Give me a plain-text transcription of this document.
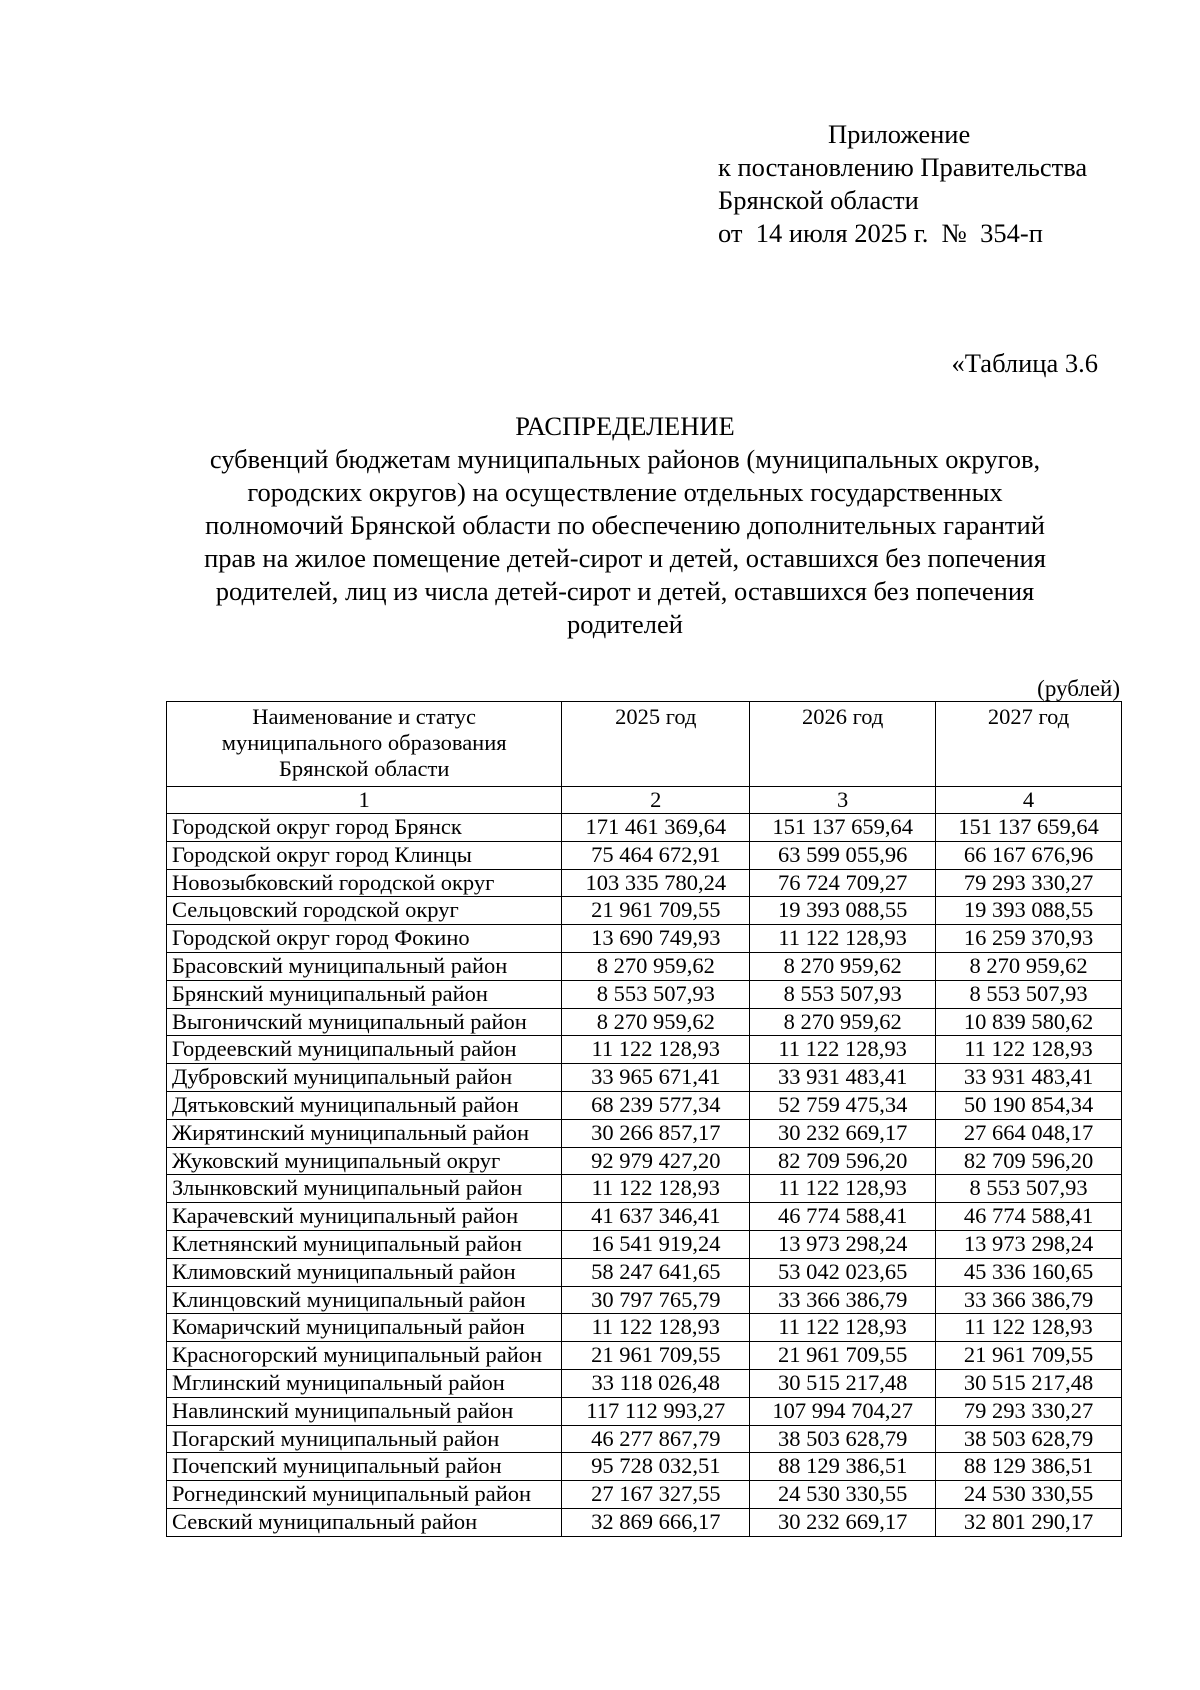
Приложение
к постановлению Правительства
Брянской области
от  14 июля 2025 г.  №  354-п
«Таблица 3.6
РАСПРЕДЕЛЕНИЕ
субвенций бюджетам муниципальных районов (муниципальных округов,
городских округов) на осуществление отдельных государственных
полномочий Брянской области по обеспечению дополнительных гарантий
прав на жилое помещение детей-сирот и детей, оставшихся без попечения
родителей, лиц из числа детей-сирот и детей, оставшихся без попечения
родителей
(рублей)
Наименование и статус
муниципального образования
Брянской области	2025 год	2026 год	2027 год
1	2	3	4
Городской округ город Брянск	171 461 369,64	151 137 659,64	151 137 659,64
Городской округ город Клинцы	75 464 672,91	63 599 055,96	66 167 676,96
Новозыбковский городской округ	103 335 780,24	76 724 709,27	79 293 330,27
Сельцовский городской округ	21 961 709,55	19 393 088,55	19 393 088,55
Городской округ город Фокино	13 690 749,93	11 122 128,93	16 259 370,93
Брасовский муниципальный район	8 270 959,62	8 270 959,62	8 270 959,62
Брянский муниципальный район	8 553 507,93	8 553 507,93	8 553 507,93
Выгоничский муниципальный район	8 270 959,62	8 270 959,62	10 839 580,62
Гордеевский муниципальный район	11 122 128,93	11 122 128,93	11 122 128,93
Дубровский муниципальный район	33 965 671,41	33 931 483,41	33 931 483,41
Дятьковский муниципальный район	68 239 577,34	52 759 475,34	50 190 854,34
Жирятинский муниципальный район	30 266 857,17	30 232 669,17	27 664 048,17
Жуковский муниципальный округ	92 979 427,20	82 709 596,20	82 709 596,20
Злынковский муниципальный район	11 122 128,93	11 122 128,93	8 553 507,93
Карачевский муниципальный район	41 637 346,41	46 774 588,41	46 774 588,41
Клетнянский муниципальный район	16 541 919,24	13 973 298,24	13 973 298,24
Климовский муниципальный район	58 247 641,65	53 042 023,65	45 336 160,65
Клинцовский муниципальный район	30 797 765,79	33 366 386,79	33 366 386,79
Комаричский муниципальный район	11 122 128,93	11 122 128,93	11 122 128,93
Красногорский муниципальный район	21 961 709,55	21 961 709,55	21 961 709,55
Мглинский муниципальный район	33 118 026,48	30 515 217,48	30 515 217,48
Навлинский муниципальный район	117 112 993,27	107 994 704,27	79 293 330,27
Погарский муниципальный район	46 277 867,79	38 503 628,79	38 503 628,79
Почепский муниципальный район	95 728 032,51	88 129 386,51	88 129 386,51
Рогнединский муниципальный район	27 167 327,55	24 530 330,55	24 530 330,55
Севский муниципальный район	32 869 666,17	30 232 669,17	32 801 290,17
